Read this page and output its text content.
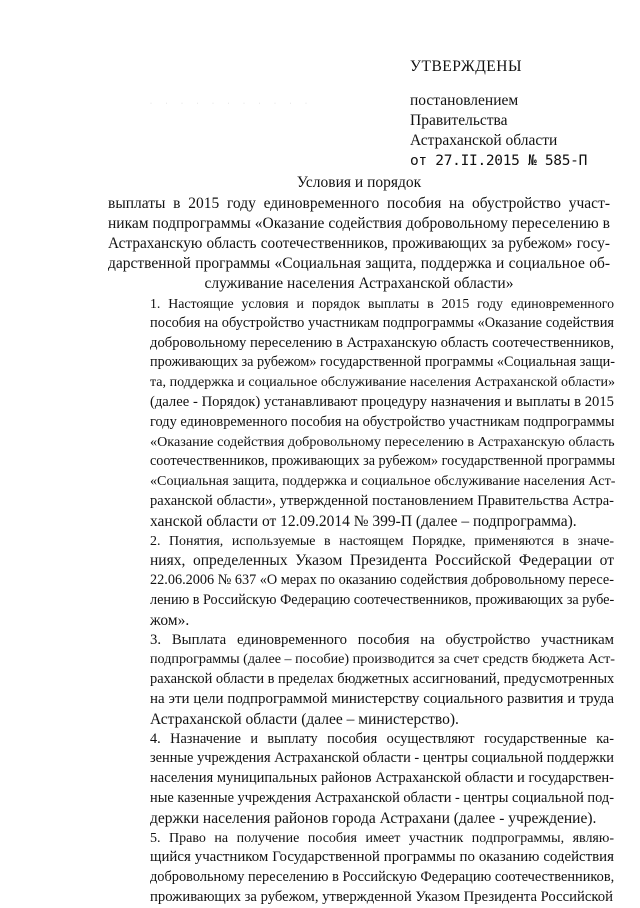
· · · · · · · · · · ·
УТВЕРЖДЕНЫ
постановлением
Правительства
Астраханской области
от 27.II.2015 № 585-П
Условия и порядок
выплаты в 2015 году единовременного пособия на обустройство участ-
никам подпрограммы «Оказание содействия добровольному переселению в
Астраханскую область соотечественников, проживающих за рубежом» госу-
дарственной программы «Социальная защита, поддержка и социальное об-
служивание населения Астраханской области»
1. Настоящие условия и порядок выплаты в 2015 году единовременного
пособия на обустройство участникам подпрограммы «Оказание содействия
добровольному переселению в Астраханскую область соотечественников,
проживающих за рубежом» государственной программы «Социальная защи-
та, поддержка и социальное обслуживание населения Астраханской области»
(далее - Порядок) устанавливают процедуру назначения и выплаты в 2015
году единовременного пособия на обустройство участникам подпрограммы
«Оказание содействия добровольному переселению в Астраханскую область
соотечественников, проживающих за рубежом» государственной программы
«Социальная защита, поддержка и социальное обслуживание населения Аст-
раханской области», утвержденной постановлением Правительства Астра-
ханской области от 12.09.2014 № 399-П (далее – подпрограмма).
2. Понятия, используемые в настоящем Порядке, применяются в значе-
ниях, определенных Указом Президента Российской Федерации от
22.06.2006 № 637 «О мерах по оказанию содействия добровольному пересе-
лению в Российскую Федерацию соотечественников, проживающих за рубе-
жом».
3. Выплата единовременного пособия на обустройство участникам
подпрограммы (далее – пособие) производится за счет средств бюджета Аст-
раханской области в пределах бюджетных ассигнований, предусмотренных
на эти цели подпрограммой министерству социального развития и труда
Астраханской области (далее – министерство).
4. Назначение и выплату пособия осуществляют государственные ка-
зенные учреждения Астраханской области - центры социальной поддержки
населения муниципальных районов Астраханской области и государствен-
ные казенные учреждения Астраханской области - центры социальной под-
держки населения районов города Астрахани (далее - учреждение).
5. Право на получение пособия имеет участник подпрограммы, являю-
щийся участником Государственной программы по оказанию содействия
добровольному переселению в Российскую Федерацию соотечественников,
проживающих за рубежом, утвержденной Указом Президента Российской
